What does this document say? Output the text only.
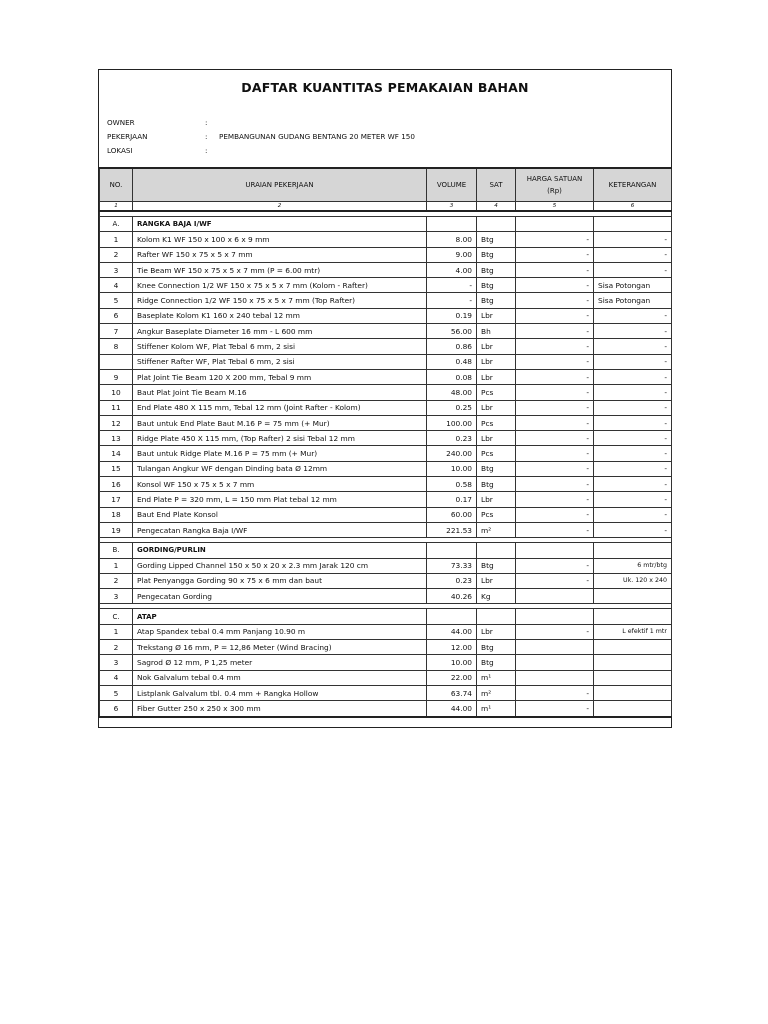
DAFTAR KUANTITAS PEMAKAIAN BAHAN
OWNER	:
PEKERJAAN	:	PEMBANGUNAN GUDANG BENTANG 20 METER WF 150
LOKASI	:
NO.	URAIAN PEKERJAAN	VOLUME	SAT	HARGA SATUAN (Rp)	KETERANGAN
1	2	3	4	5	6

A.	RANGKA BAJA I/WF				
1	Kolom K1 WF 150 x 100 x 6 x 9 mm	8.00	Btg	-	-
2	Rafter WF 150 x 75 x 5 x 7 mm	9.00	Btg	-	-
3	Tie Beam WF 150 x 75 x 5 x 7 mm (P = 6.00 mtr)	4.00	Btg	-	-
4	Knee Connection 1/2 WF 150 x 75 x 5 x 7 mm (Kolom - Rafter)	-	Btg	-	Sisa Potongan
5	Ridge Connection 1/2 WF 150 x 75 x 5 x 7 mm (Top Rafter)	-	Btg	-	Sisa Potongan
6	Baseplate Kolom K1 160 x 240 tebal 12 mm	0.19	Lbr	-	-
7	Angkur Baseplate Diameter 16 mm - L 600 mm	56.00	Bh	-	-
8	Stiffener Kolom WF, Plat Tebal 6 mm, 2 sisi	0.86	Lbr	-	-
	Stiffener Rafter WF, Plat Tebal 6 mm, 2 sisi	0.48	Lbr	-	-
9	Plat Joint Tie Beam 120 X 200 mm, Tebal 9 mm	0.08	Lbr	-	-
10	Baut Plat Joint Tie Beam M.16	48.00	Pcs	-	-
11	End Plate 480 X 115 mm, Tebal 12 mm (Joint Rafter - Kolom)	0.25	Lbr	-	-
12	Baut untuk End Plate Baut M.16 P = 75 mm (+ Mur)	100.00	Pcs	-	-
13	Ridge Plate 450 X 115 mm, (Top Rafter) 2 sisi Tebal 12 mm	0.23	Lbr	-	-
14	Baut untuk Ridge Plate M.16 P = 75 mm (+ Mur)	240.00	Pcs	-	-
15	Tulangan Angkur WF dengan Dinding bata Ø 12mm	10.00	Btg	-	-
16	Konsol WF 150 x 75 x 5 x 7 mm	0.58	Btg	-	-
17	End Plate P = 320 mm, L = 150 mm Plat tebal 12 mm	0.17	Lbr	-	-
18	Baut End Plate Konsol	60.00	Pcs	-	-
19	Pengecatan Rangka Baja I/WF	221.53	m²	-	-

B.	GORDING/PURLIN				
1	Gording Lipped Channel 150 x 50 x 20 x 2.3 mm Jarak 120 cm	73.33	Btg	-	6 mtr/btg
2	Plat Penyangga Gording 90 x 75 x 6 mm dan baut	0.23	Lbr	-	Uk. 120 x 240
3	Pengecatan Gording	40.26	Kg		

C.	ATAP				
1	Atap Spandex tebal 0.4 mm Panjang 10.90 m	44.00	Lbr	-	L efektif 1 mtr
2	Trekstang Ø 16 mm, P = 12,86 Meter (Wind Bracing)	12.00	Btg		
3	Sagrod Ø 12 mm, P 1,25 meter	10.00	Btg		
4	Nok Galvalum tebal 0.4 mm	22.00	m¹		
5	Listplank Galvalum tbl. 0.4 mm + Rangka Hollow	63.74	m²	-	
6	Fiber Gutter 250 x 250 x 300 mm	44.00	m¹	-	
